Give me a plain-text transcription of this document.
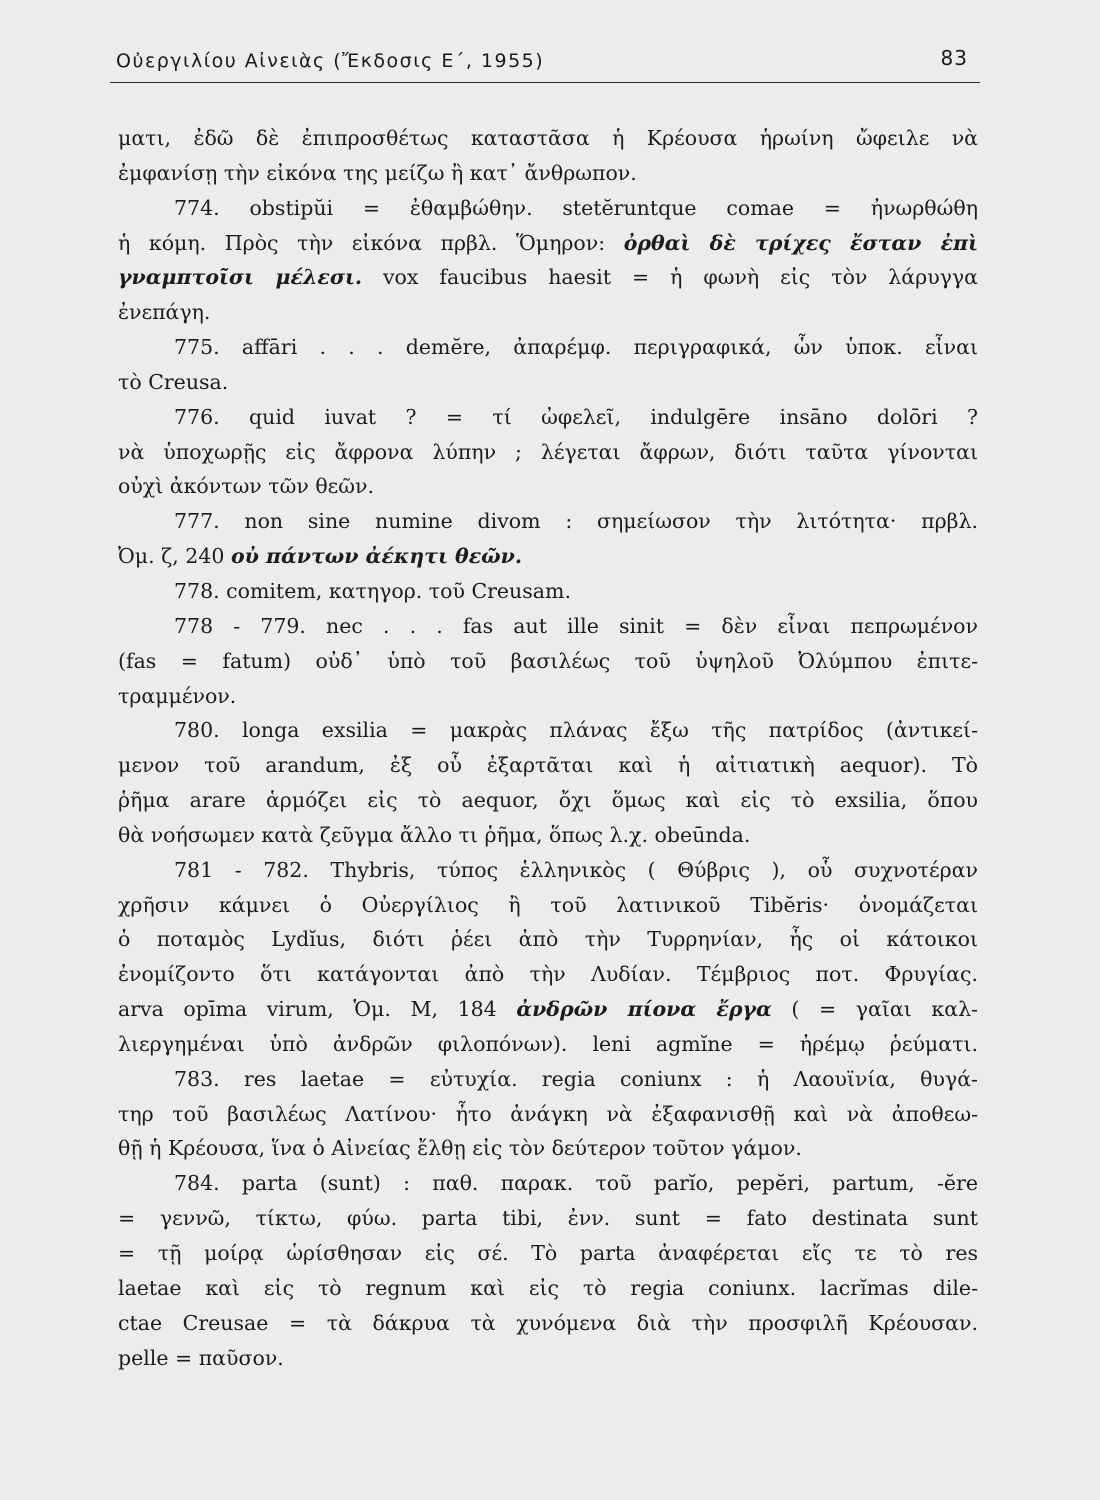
Οὐεργιλίου Αἰνειὰς (Ἔκδοσις Ε΄, 1955)	83
ματι, ἐδῶ δὲ ἐπιπροσθέτως καταστᾶσα ἡ Κρέουσα ἡρωίνη ὤφειλε νὰ
ἐμφανίσῃ τὴν εἰκόνα της μείζω ἢ κατ᾿ ἄνθρωπον.
774. obstipŭi = ἐθαμβώθην. stetĕruntque comae = ἠνωρθώθη
ἡ κόμη. Πρὸς τὴν εἰκόνα πρβλ. Ὅμηρον: ὀρθαὶ δὲ τρίχες ἔσταν ἐπὶ
γναμπτοῖσι μέλεσι. vox faucibus haesit = ἡ φωνὴ εἰς τὸν λάρυγγα
ἐνεπάγη.
775. affāri . . . demĕre, ἀπαρέμφ. περιγραφικά, ὧν ὑποκ. εἶναι
τὸ Creusa.
776. quid iuvat ? = τί ὠφελεῖ, indulgēre insāno dolōri ?
νὰ ὑποχωρῇς εἰς ἄφρονα λύπην ; λέγεται ἄφρων, διότι ταῦτα γίνονται
οὐχὶ ἀκόντων τῶν θεῶν.
777. non sine numine divom : σημείωσον τὴν λιτότητα· πρβλ.
Ὀμ. ζ, 240 οὐ πάντων ἀέκητι θεῶν.
778. comitem, κατηγορ. τοῦ Creusam.
778 - 779. nec . . . fas aut ille sinit = δὲν εἶναι πεπρωμένον
(fas = fatum) οὐδ᾿ ὑπὸ τοῦ βασιλέως τοῦ ὑψηλοῦ Ὀλύμπου ἐπιτε-
τραμμένον.
780. longa exsilia = μακρὰς πλάνας ἔξω τῆς πατρίδος (ἀντικεί-
μενον τοῦ arandum, ἐξ οὗ ἐξαρτᾶται καὶ ἡ αἰτιατικὴ aequor). Τὸ
ῥῆμα arare ἁρμόζει εἰς τὸ aequor, ὄχι ὅμως καὶ εἰς τὸ exsilia, ὅπου
θὰ νοήσωμεν κατὰ ζεῦγμα ἄλλο τι ῥῆμα, ὅπως λ.χ. obeūnda.
781 - 782. Thybris, τύπος ἑλληνικὸς ( Θύβρις ), οὗ συχνοτέραν
χρῆσιν κάμνει ὁ Οὐεργίλιος ἢ τοῦ λατινικοῦ Tibĕris· ὀνομάζεται
ὁ ποταμὸς Lydĭus, διότι ῥέει ἀπὸ τὴν Τυρρηνίαν, ἧς οἱ κάτοικοι
ἐνομίζοντο ὅτι κατάγονται ἀπὸ τὴν Λυδίαν. Τέμβριος ποτ. Φρυγίας.
arva opīma virum, Ὁμ. Μ, 184 ἀνδρῶν πίονα ἔργα ( = γαῖαι καλ-
λιεργημέναι ὑπὸ ἀνδρῶν φιλοπόνων). leni agmĭne = ἠρέμῳ ῥεύματι.
783. res laetae = εὐτυχία. regia coniunx : ἡ Λαουϊνία, θυγά-
τηρ τοῦ βασιλέως Λατίνου· ἦτο ἀνάγκη νὰ ἐξαφανισθῇ καὶ νὰ ἀποθεω-
θῇ ἡ Κρέουσα, ἵνα ὁ Αἰνείας ἔλθῃ εἰς τὸν δεύτερον τοῦτον γάμον.
784. parta (sunt) : παθ. παρακ. τοῦ parĭo, pepĕri, partum, -ĕre
= γεννῶ, τίκτω, φύω. parta tibi, ἐνν. sunt = fato destinata sunt
= τῇ μοίρᾳ ὡρίσθησαν εἰς σέ. Τὸ parta ἀναφέρεται εἴς τε τὸ res
laetae καὶ εἰς τὸ regnum καὶ εἰς τὸ regia coniunx. lacrĭmas dile-
ctae Creusae = τὰ δάκρυα τὰ χυνόμενα διὰ τὴν προσφιλῆ Κρέουσαν.
pelle = παῦσον.
